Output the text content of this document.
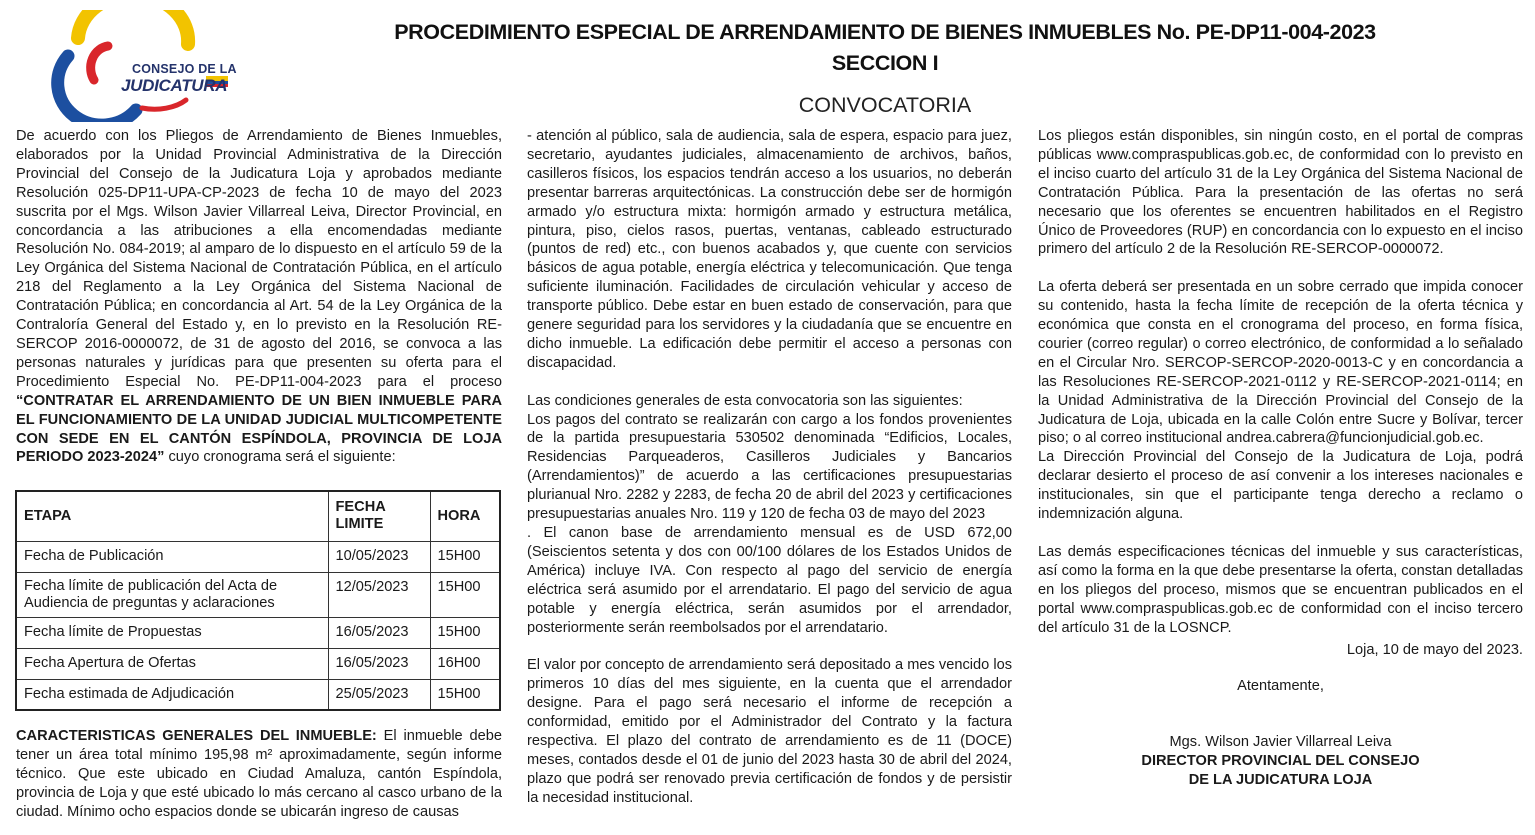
CONSEJO DE LA
JUDICATURA
PROCEDIMIENTO ESPECIAL DE ARRENDAMIENTO DE BIENES INMUEBLES No. PE-DP11-004-2023
SECCION I
CONVOCATORIA

De acuerdo con los Pliegos de Arrendamiento de Bienes Inmuebles, elaborados por la Unidad Provincial Administrativa de la Dirección Provincial del Consejo de la Judicatura Loja y aprobados mediante Resolución 025-DP11-UPA-CP-2023 de fecha 10 de mayo del 2023 suscrita por el Mgs. Wilson Javier Villarreal Leiva, Director Provincial, en concordancia a las atribuciones a ella encomendadas mediante Resolución No. 084-2019; al amparo de lo dispuesto en el artículo 59 de la Ley Orgánica del Sistema Nacional de Contratación Pública, en el artículo 218 del Reglamento a la Ley Orgánica del Sistema Nacional de Contratación Pública; en concordancia al Art. 54 de la Ley Orgánica de la Contraloría General del Estado y, en lo previsto en la Resolución RE-SERCOP 2016-0000072, de 31 de agosto del 2016, se convoca a las personas naturales y jurídicas para que presenten su oferta para el Procedimiento Especial No. PE-DP11-004-2023 para el proceso “CONTRATAR EL ARRENDAMIENTO DE UN BIEN INMUEBLE PARA EL FUNCIONAMIENTO DE LA UNIDAD JUDICIAL MULTICOMPETENTE CON SEDE EN EL CANTÓN ESPÍNDOLA, PROVINCIA DE LOJA PERIODO 2023-2024” cuyo cronograma será el siguiente:

ETAPA	FECHA LIMITE	HORA
Fecha de Publicación	10/05/2023	15H00
Fecha límite de publicación del Acta de Audiencia de preguntas y aclaraciones	12/05/2023	15H00
Fecha límite de Propuestas	16/05/2023	15H00
Fecha Apertura de Ofertas	16/05/2023	16H00
Fecha estimada de Adjudicación	25/05/2023	15H00

CARACTERISTICAS GENERALES DEL INMUEBLE: El inmueble debe tener un área total mínimo 195,98 m² aproximadamente, según informe técnico. Que este ubicado en Ciudad Amaluza, cantón Espíndola, provincia de Loja y que esté ubicado lo más cercano al casco urbano de la ciudad. Mínimo ocho espacios donde se ubicarán ingreso de causas

- atención al público, sala de audiencia, sala de espera, espacio para juez, secretario, ayudantes judiciales, almacenamiento de archivos, baños, casilleros físicos, los espacios tendrán acceso a los usuarios, no deberán presentar barreras arquitectónicas. La construcción debe ser de hormigón armado y/o estructura mixta: hormigón armado y estructura metálica, pintura, piso, cielos rasos, puertas, ventanas, cableado estructurado (puntos de red) etc., con buenos acabados y, que cuente con servicios básicos de agua potable, energía eléctrica y telecomunicación. Que tenga suficiente iluminación. Facilidades de circulación vehicular y acceso de transporte público. Debe estar en buen estado de conservación, para que genere seguridad para los servidores y la ciudadanía que se encuentre en dicho inmueble. La edificación debe permitir el acceso a personas con discapacidad.

Las condiciones generales de esta convocatoria son las siguientes:

Los pagos del contrato se realizarán con cargo a los fondos provenientes de la partida presupuestaria 530502 denominada “Edificios, Locales, Residencias Parqueaderos, Casilleros Judiciales y Bancarios (Arrendamientos)” de acuerdo a las certificaciones presupuestarias plurianual Nro. 2282 y 2283, de fecha 20 de abril del 2023 y certificaciones presupuestarias anuales Nro. 119 y 120 de fecha 03 de mayo del 2023

. El canon base de arrendamiento mensual es de USD 672,00 (Seiscientos setenta y dos con 00/100 dólares de los Estados Unidos de América) incluye IVA. Con respecto al pago del servicio de energía eléctrica será asumido por el arrendatario. El pago del servicio de agua potable y energía eléctrica, serán asumidos por el arrendador, posteriormente serán reembolsados por el arrendatario.

El valor por concepto de arrendamiento será depositado a mes vencido los primeros 10 días del mes siguiente, en la cuenta que el arrendador designe. Para el pago será necesario el informe de recepción a conformidad, emitido por el Administrador del Contrato y la factura respectiva. El plazo del contrato de arrendamiento es de 11 (DOCE) meses, contados desde el 01 de junio del 2023 hasta 30 de abril del 2024, plazo que podrá ser renovado previa certificación de fondos y de persistir la necesidad institucional.

Los pliegos están disponibles, sin ningún costo, en el portal de compras públicas www.compraspublicas.gob.ec, de conformidad con lo previsto en el inciso cuarto del artículo 31 de la Ley Orgánica del Sistema Nacional de Contratación Pública. Para la presentación de las ofertas no será necesario que los oferentes se encuentren habilitados en el Registro Único de Proveedores (RUP) en concordancia con lo expuesto en el inciso primero del artículo 2 de la Resolución RE-SERCOP-0000072.

La oferta deberá ser presentada en un sobre cerrado que impida conocer su contenido, hasta la fecha límite de recepción de la oferta técnica y económica que consta en el cronograma del proceso, en forma física, courier (correo regular) o correo electrónico, de conformidad a lo señalado en el Circular Nro. SERCOP-SERCOP-2020-0013-C y en concordancia a las Resoluciones RE-SERCOP-2021-0112 y RE-SERCOP-2021-0114; en la Unidad Administrativa de la Dirección Provincial del Consejo de la Judicatura de Loja, ubicada en la calle Colón entre Sucre y Bolívar, tercer piso; o al correo institucional andrea.cabrera@funcionjudicial.gob.ec.

La Dirección Provincial del Consejo de la Judicatura de Loja, podrá declarar desierto el proceso de así convenir a los intereses nacionales e institucionales, sin que el participante tenga derecho a reclamo o indemnización alguna.

Las demás especificaciones técnicas del inmueble y sus características, así como la forma en la que debe presentarse la oferta, constan detalladas en los pliegos del proceso, mismos que se encuentran publicados en el portal www.compraspublicas.gob.ec de conformidad con el inciso tercero del artículo 31 de la LOSNCP.

Loja, 10 de mayo del 2023.

Atentamente,

Mgs. Wilson Javier Villarreal Leiva

DIRECTOR PROVINCIAL DEL CONSEJO

DE LA JUDICATURA LOJA
